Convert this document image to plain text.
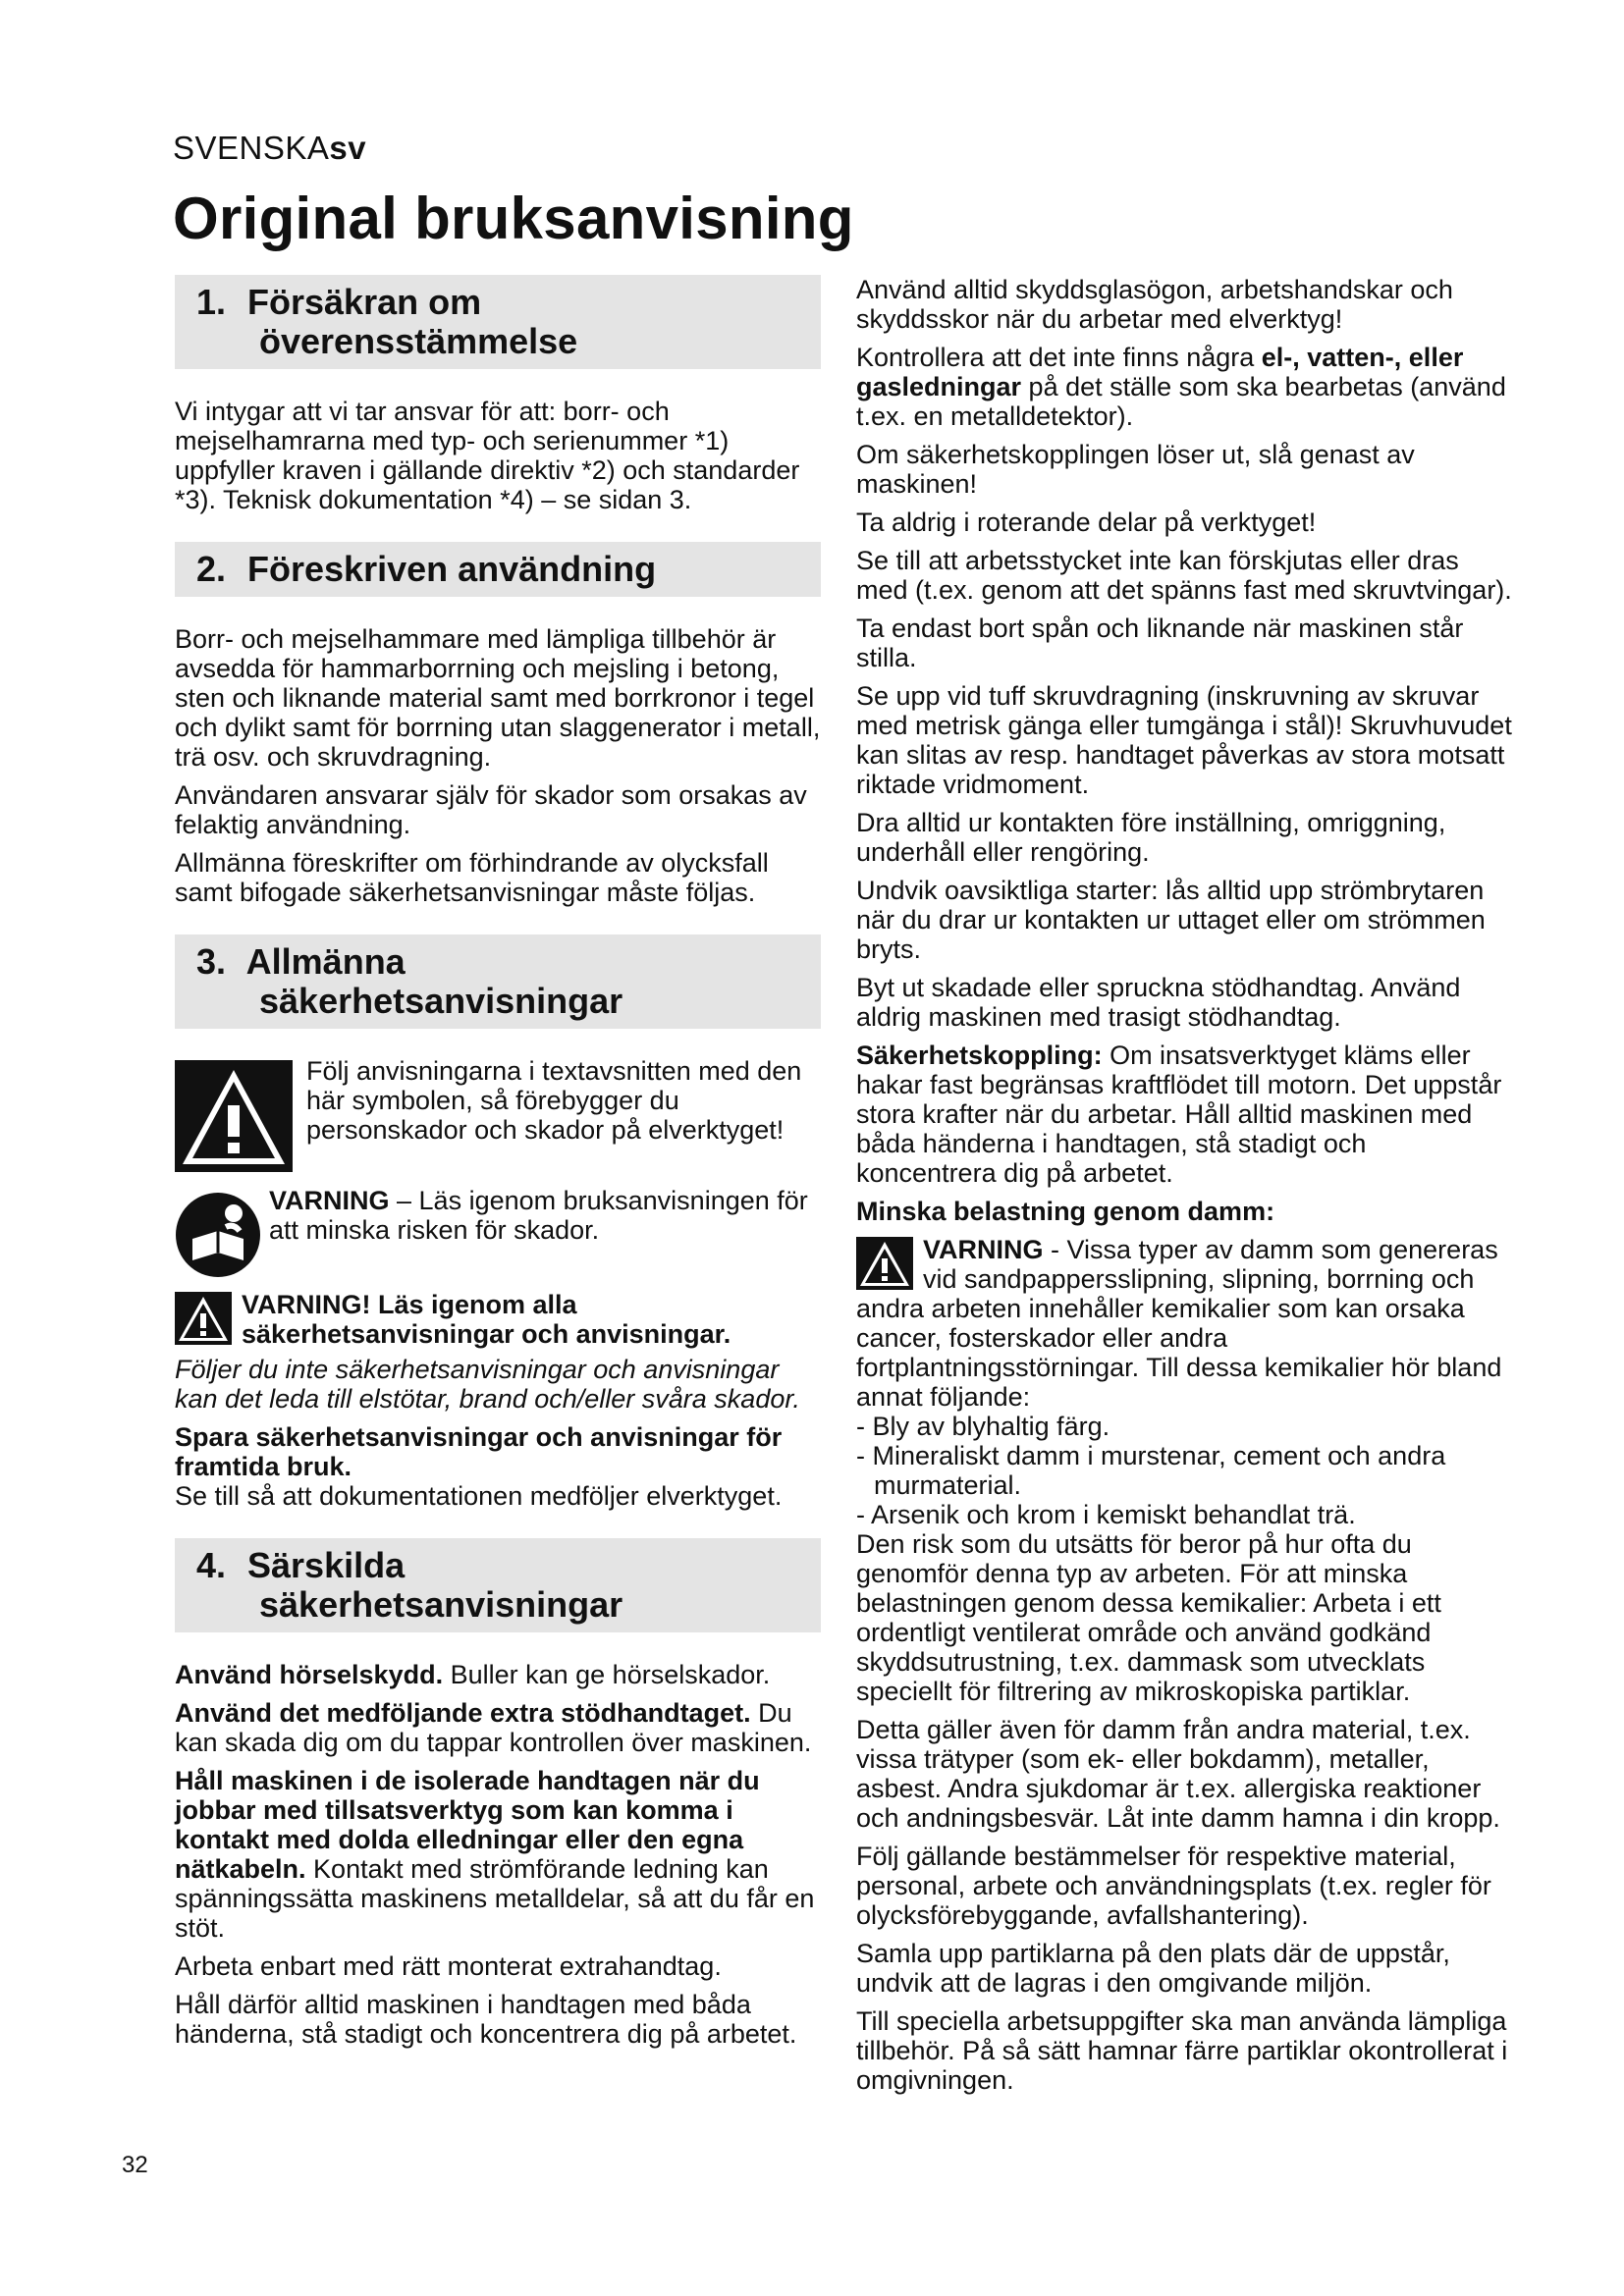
SVENSKAsv
Original bruksanvisning
1. Försäkran om
överensstämmelse

Vi intygar att vi tar ansvar för att: borr- och mejselhamrarna med typ- och serienummer *1) uppfyller kraven i gällande direktiv *2) och standarder *3). Teknisk dokumentation *4) – se sidan 3.

2. Föreskriven användning

Borr- och mejselhammare med lämpliga tillbehör är avsedda för hammarborrning och mejsling i betong, sten och liknande material samt med borrkronor i tegel och dylikt samt för borrning utan slaggenerator i metall, trä osv. och skruvdragning.

Användaren ansvarar själv för skador som orsakas av felaktig användning.

Allmänna föreskrifter om förhindrande av olycksfall samt bifogade säkerhetsanvisningar måste följas.

3. Allmänna
säkerhetsanvisningar

Följ anvisningarna i textavsnitten med den här symbolen, så förebygger du personskador och skador på elverktyget!

VARNING – Läs igenom bruksanvisningen för att minska risken för skador.

VARNING! Läs igenom alla säkerhetsanvisningar och anvisningar.

Följer du inte säkerhetsanvisningar och anvisningar kan det leda till elstötar, brand och/eller svåra skador.

Spara säkerhetsanvisningar och anvisningar för framtida bruk.

Se till så att dokumentationen medföljer elverktyget.

4. Särskilda
säkerhetsanvisningar

Använd hörselskydd. Buller kan ge hörselskador.

Använd det medföljande extra stödhandtaget. Du kan skada dig om du tappar kontrollen över maskinen.

Håll maskinen i de isolerade handtagen när du jobbar med tillsatsverktyg som kan komma i kontakt med dolda elledningar eller den egna nätkabeln. Kontakt med strömförande ledning kan spänningssätta maskinens metalldelar, så att du får en stöt.

Arbeta enbart med rätt monterat extrahandtag.

Håll därför alltid maskinen i handtagen med båda händerna, stå stadigt och koncentrera dig på arbetet.

Använd alltid skyddsglasögon, arbetshandskar och skyddsskor när du arbetar med elverktyg!

Kontrollera att det inte finns några el-, vatten-, eller gasledningar på det ställe som ska bearbetas (använd t.ex. en metalldetektor).

Om säkerhetskopplingen löser ut, slå genast av maskinen!

Ta aldrig i roterande delar på verktyget!

Se till att arbetsstycket inte kan förskjutas eller dras med (t.ex. genom att det spänns fast med skruvtvingar).

Ta endast bort spån och liknande när maskinen står stilla.

Se upp vid tuff skruvdragning (inskruvning av skruvar med metrisk gänga eller tumgänga i stål)! Skruvhuvudet kan slitas av resp. handtaget påverkas av stora motsatt riktade vridmoment.

Dra alltid ur kontakten före inställning, omriggning, underhåll eller rengöring.

Undvik oavsiktliga starter: lås alltid upp strömbrytaren när du drar ur kontakten ur uttaget eller om strömmen bryts.

Byt ut skadade eller spruckna stödhandtag. Använd aldrig maskinen med trasigt stödhandtag.

Säkerhetskoppling: Om insatsverktyget kläms eller hakar fast begränsas kraftflödet till motorn. Det uppstår stora krafter när du arbetar. Håll alltid maskinen med båda händerna i handtagen, stå stadigt och koncentrera dig på arbetet.

Minska belastning genom damm:

VARNING - Vissa typer av damm som genereras vid sandpappersslipning, slipning, borrning och andra arbeten innehåller kemikalier som kan orsaka cancer, fosterskador eller andra fortplantningsstörningar. Till dessa kemikalier hör bland annat följande:

- Bly av blyhaltig färg.

- Mineraliskt damm i murstenar, cement och andra murmaterial.

- Arsenik och krom i kemiskt behandlat trä.

Den risk som du utsätts för beror på hur ofta du genomför denna typ av arbeten. För att minska belastningen genom dessa kemikalier: Arbeta i ett ordentligt ventilerat område och använd godkänd skyddsutrustning, t.ex. dammask som utvecklats speciellt för filtrering av mikroskopiska partiklar.

Detta gäller även för damm från andra material, t.ex. vissa trätyper (som ek- eller bokdamm), metaller, asbest. Andra sjukdomar är t.ex. allergiska reaktioner och andningsbesvär. Låt inte damm hamna i din kropp.

Följ gällande bestämmelser för respektive material, personal, arbete och användningsplats (t.ex. regler för olycksförebyggande, avfallshantering).

Samla upp partiklarna på den plats där de uppstår, undvik att de lagras i den omgivande miljön.

Till speciella arbetsuppgifter ska man använda lämpliga tillbehör. På så sätt hamnar färre partiklar okontrollerat i omgivningen.

32
